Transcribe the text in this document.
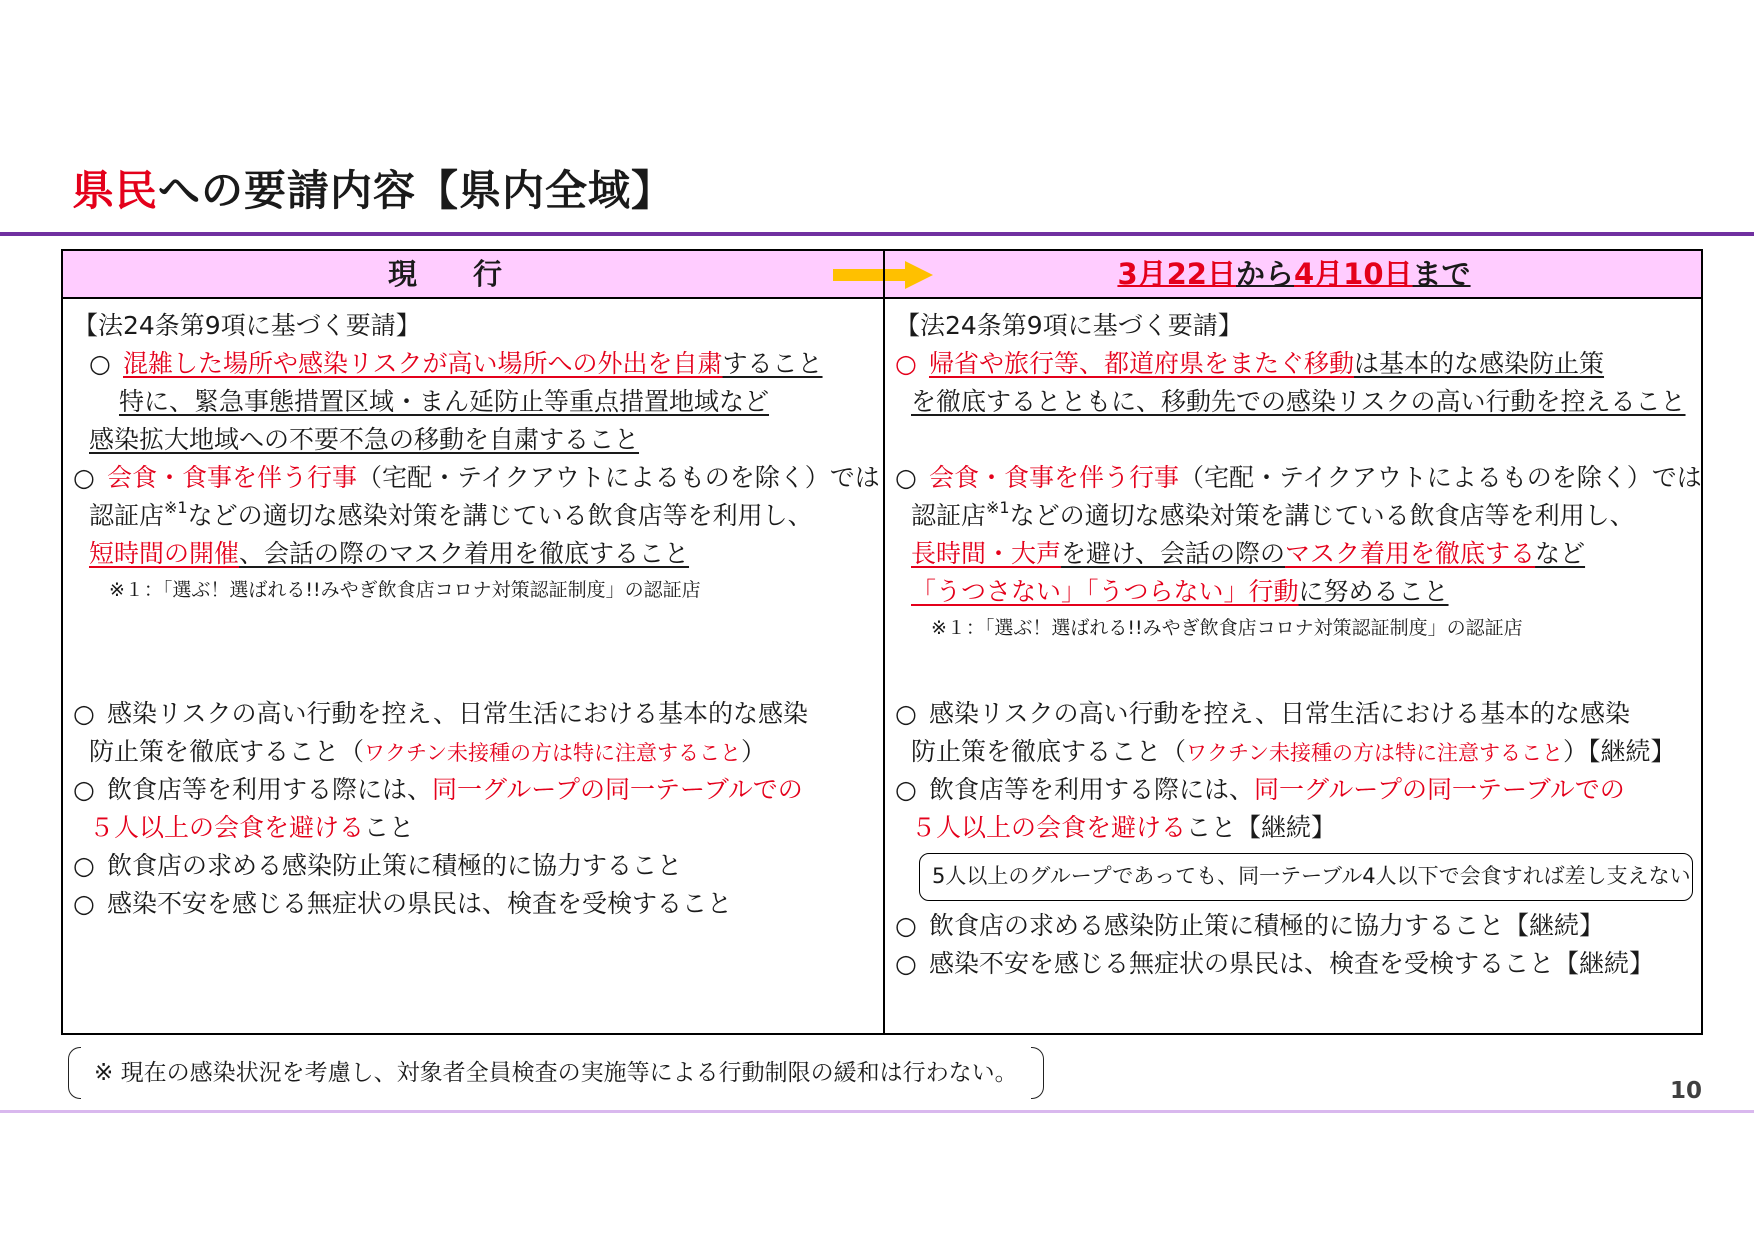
県民への要請内容【県内全域】
現行	3月22日から4月10日まで
【法24条第9項に基づく要請】
○ 混雑した場所や感染リスクが高い場所への外出を自粛すること
特に、緊急事態措置区域・まん延防止等重点措置地域など
感染拡大地域への不要不急の移動を自粛すること
○ 会食・食事を伴う行事（宅配・テイクアウトによるものを除く）では
認証店$^{※1}$などの適切な感染対策を講じている飲食店等を利用し、
短時間の開催、会話の際のマスク着用を徹底すること
※１：「選ぶ！選ばれる!!みやぎ飲食店コロナ対策認証制度」の認証店
○ 感染リスクの高い行動を控え、日常生活における基本的な感染
防止策を徹底すること（ワクチン未接種の方は特に注意すること）
○ 飲食店等を利用する際には、同一グループの同一テーブルでの
５人以上の会食を避けること
○ 飲食店の求める感染防止策に積極的に協力すること
○ 感染不安を感じる無症状の県民は、検査を受検すること
【法24条第9項に基づく要請】
○ 帰省や旅行等、都道府県をまたぐ移動は基本的な感染防止策
を徹底するとともに、移動先での感染リスクの高い行動を控えること
○ 会食・食事を伴う行事（宅配・テイクアウトによるものを除く）では
認証店$^{※1}$などの適切な感染対策を講じている飲食店等を利用し、
長時間・大声を避け、会話の際のマスク着用を徹底するなど
「うつさない」「うつらない」行動に努めること
※１：「選ぶ！選ばれる!!みやぎ飲食店コロナ対策認証制度」の認証店
○ 感染リスクの高い行動を控え、日常生活における基本的な感染
防止策を徹底すること（ワクチン未接種の方は特に注意すること）【継続】
○ 飲食店等を利用する際には、同一グループの同一テーブルでの
５人以上の会食を避けること【継続】
5人以上のグループであっても、同一テーブル4人以下で会食すれば差し支えない
○ 飲食店の求める感染防止策に積極的に協力すること【継続】
○ 感染不安を感じる無症状の県民は、検査を受検すること【継続】
※ 現在の感染状況を考慮し、対象者全員検査の実施等による行動制限の緩和は行わない。
10
